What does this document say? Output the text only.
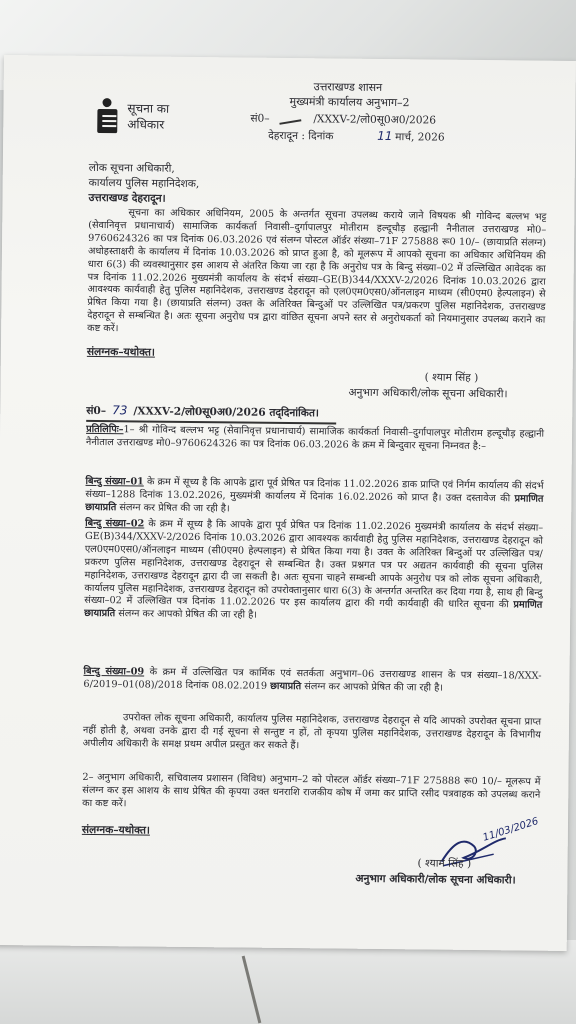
सूचना का
अधिकार
उत्तराखण्ड शासन
मुख्यमंत्री कार्यालय अनुभाग–2
सं0–	/XXXV-2/लो0सू0अ0/2026
देहरादून : दिनांक	11 मार्च, 2026
लोक सूचना अधिकारी,
कार्यालय पुलिस महानिदेशक,
उत्तराखण्ड देहरादून।
सूचना का अधिकार अधिनियम, 2005 के अन्तर्गत सूचना उपलब्ध कराये जाने विषयक श्री गोविन्द बल्लभ भट्ट (सेवानिवृत्त प्रधानाचार्य) सामाजिक कार्यकर्ता निवासी–दुर्गापालपुर मोतीराम हल्दूचौड़ हल्द्वानी नैनीताल उत्तराखण्ड मो0–9760624326 का पत्र दिनांक 06.03.2026 एवं संलग्न पोस्टल ऑर्डर संख्या–71F 275888 रू0 10/– (छायाप्रति संलग्न) अधोहस्ताक्षरी के कार्यालय में दिनांक 10.03.2026 को प्राप्त हुआ है, को मूलरूप में आपको सूचना का अधिकार अधिनियम की धारा 6(3) की व्यवस्थानुसार इस आशय से अंतरित किया जा रहा है कि अनुरोध पत्र के बिन्दु संख्या–02 में उल्लिखित आवेदक का पत्र दिनांक 11.02.2026 मुख्यमंत्री कार्यालय के संदर्भ संख्या–GE(B)344/XXXV-2/2026 दिनांक 10.03.2026 द्वारा आवश्यक कार्यवाही हेतु पुलिस महानिदेशक, उत्तराखण्ड देहरादून को एल0एम0एस0/ऑनलाइन माध्यम (सी0एम0 हेल्पलाइन) से प्रेषित किया गया है। (छायाप्रति संलग्न) उक्त के अतिरिक्त बिन्दुओं पर उल्लिखित पत्र/प्रकरण पुलिस महानिदेशक, उत्तराखण्ड देहरादून से सम्बन्धित है। अतः सूचना अनुरोध पत्र द्वारा वांछित सूचना अपने स्तर से अनुरोधकर्ता को नियमानुसार उपलब्ध कराने का कष्ट करें।
संलग्नक–यथोक्त।
( श्याम सिंह )
अनुभाग अधिकारी/लोक सूचना अधिकारी।
सं0– 73 /XXXV-2/लो0सू0अ0/2026 तद्‌दिनांकित।
प्रतिलिपिः–1– श्री गोविन्द बल्लभ भट्ट (सेवानिवृत्त प्रधानाचार्य) सामाजिक कार्यकर्ता निवासी–दुर्गापालपुर मोतीराम हल्दूचौड़ हल्द्वानी नैनीताल उत्तराखण्ड मो0–9760624326 का पत्र दिनांक 06.03.2026 के क्रम में बिन्दुवार सूचना निम्नवत है:–
बिन्दु संख्या–01 के क्रम में सूच्य है कि आपके द्वारा पूर्व प्रेषित पत्र दिनांक 11.02.2026 डाक प्राप्ति एवं निर्गम कार्यालय की संदर्भ संख्या–1288 दिनांक 13.02.2026, मुख्यमंत्री कार्यालय में दिनांक 16.02.2026 को प्राप्त है। उक्त दस्तावेज की प्रमाणित छायाप्रति संलग्न कर प्रेषित की जा रही है।
बिन्दु संख्या–02 के क्रम में सूच्य है कि आपके द्वारा पूर्व प्रेषित पत्र दिनांक 11.02.2026 मुख्यमंत्री कार्यालय के संदर्भ संख्या–GE(B)344/XXXV-2/2026 दिनांक 10.03.2026 द्वारा आवश्यक कार्यवाही हेतु पुलिस महानिदेशक, उत्तराखण्ड देहरादून को एल0एम0एस0/ऑनलाइन माध्यम (सी0एम0 हेल्पलाइन) से प्रेषित किया गया है। उक्त के अतिरिक्त बिन्दुओं पर उल्लिखित पत्र/प्रकरण पुलिस महानिदेशक, उत्तराखण्ड देहरादून से सम्बन्धित है। उक्त प्रश्नगत पत्र पर अद्यतन कार्यवाही की सूचना पुलिस महानिदेशक, उत्तराखण्ड देहरादून द्वारा दी जा सकती है। अतः सूचना चाहने सम्बन्धी आपके अनुरोध पत्र को लोक सूचना अधिकारी, कार्यालय पुलिस महानिदेशक, उत्तराखण्ड देहरादून को उपरोक्तानुसार धारा 6(3) के अन्तर्गत अन्तरित कर दिया गया है, साथ ही बिन्दु संख्या–02 में उल्लिखित पत्र दिनांक 11.02.2026 पर इस कार्यालय द्वारा की गयी कार्यवाही की धारित सूचना की प्रमाणित छायाप्रति संलग्न कर आपको प्रेषित की जा रही है।
बिन्दु संख्या–09 के क्रम में उल्लिखित पत्र कार्मिक एवं सतर्कता अनुभाग–06 उत्तराखण्ड शासन के पत्र संख्या–18/XXX-6/2019–01(08)/2018 दिनांक 08.02.2019 छायाप्रति संलग्न कर आपको प्रेषित की जा रही है।
उपरोक्त लोक सूचना अधिकारी, कार्यालय पुलिस महानिदेशक, उत्तराखण्ड देहरादून से यदि आपको उपरोक्त सूचना प्राप्त नहीं होती है, अथवा उनके द्वारा दी गई सूचना से सन्तुष्ट न हों, तो कृपया पुलिस महानिदेशक, उत्तराखण्ड देहरादून के विभागीय अपीलीय अधिकारी के समक्ष प्रथम अपील प्रस्तुत कर सकते हैं।
2– अनुभाग अधिकारी, सचिवालय प्रशासन (विविध) अनुभाग–2 को पोस्टल ऑर्डर संख्या–71F 275888 रू0 10/– मूलरूप में संलग्न कर इस आशय के साथ प्रेषित की कृपया उक्त धनराशि राजकीय कोष में जमा कर प्राप्ति रसीद पत्रवाहक को उपलब्ध कराने का कष्ट करें।
संलग्नक–यथोक्त।	11/03/2026
( श्याम सिंह )
अनुभाग अधिकारी/लोक सूचना अधिकारी।
